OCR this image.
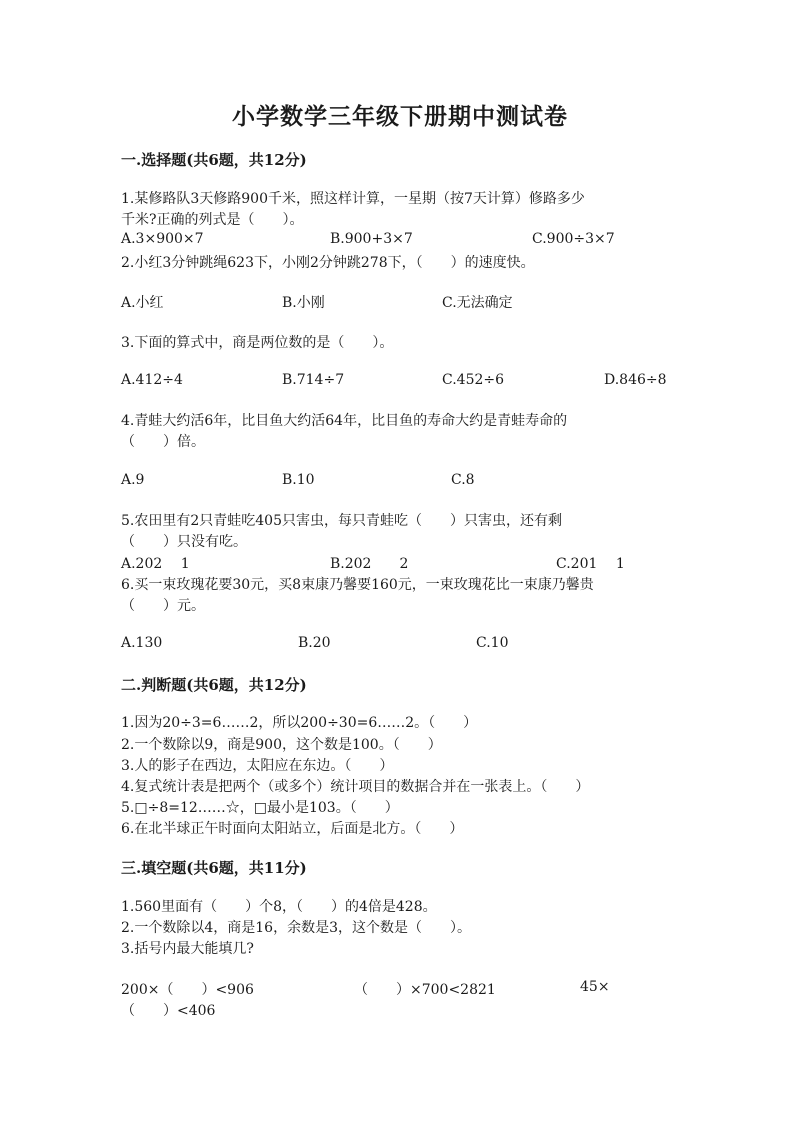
小学数学三年级下册期中测试卷
一.选择题(共6题，共12分)
1.某修路队3天修路900千米，照这样计算，一星期（按7天计算）修路多少
千米?正确的列式是（　　）。
A.3×900×7	B.900+3×7	C.900÷3×7
2.小红3分钟跳绳623下，小刚2分钟跳278下，（　　）的速度快。
A.小红	B.小刚	C.无法确定
3.下面的算式中，商是两位数的是（　　）。
A.412÷4	B.714÷7	C.452÷6	D.846÷8
4.青蛙大约活6年，比目鱼大约活64年，比目鱼的寿命大约是青蛙寿命的
（　　）倍。
A.9	B.10	C.8
5.农田里有2只青蛙吃405只害虫，每只青蛙吃（　　）只害虫，还有剩
（　　）只没有吃。
A.202　 1	B.202　　2	C.201　 1
6.买一束玫瑰花要30元，买8束康乃馨要160元，一束玫瑰花比一束康乃馨贵
（　　）元。
A.130	B.20	C.10
二.判断题(共6题，共12分)
1.因为20÷3=6……2，所以200÷30=6……2。（　　）
2.一个数除以9，商是900，这个数是100。（　　）
3.人的影子在西边，太阳应在东边。（　　）
4.复式统计表是把两个（或多个）统计项目的数据合并在一张表上。（　　）
5.□÷8=12……☆，□最小是103。（　　）
6.在北半球正午时面向太阳站立，后面是北方。（　　）
三.填空题(共6题，共11分)
1.560里面有（　　）个8，（　　）的4倍是428。
2.一个数除以4，商是16，余数是3，这个数是（　　）。
3.括号内最大能填几?
200×（　　）<906	（　　）×700<2821	45×
（　　）<406
